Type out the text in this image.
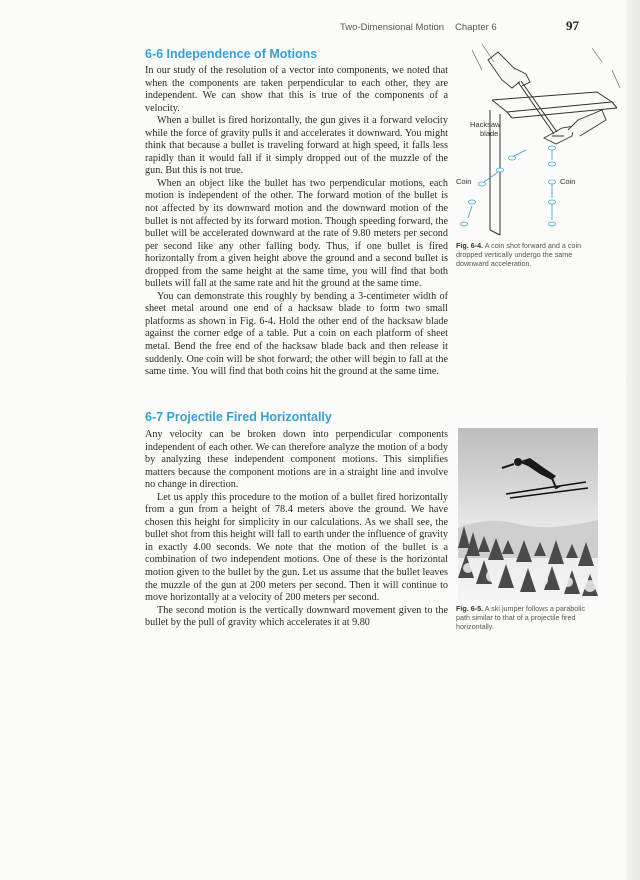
Two-Dimensional Motion Chapter 6	97
6-6 Independence of Motions

In our study of the resolution of a vector into components, we noted that when the components are taken perpendicular to each other, they are independent. We can show that this is true of the components of a velocity.

When a bullet is fired horizontally, the gun gives it a forward velocity while the force of gravity pulls it and accelerates it downward. You might think that because a bullet is traveling forward at high speed, it falls less rapidly than it would fall if it simply dropped out of the muzzle of the gun. But this is not true.

When an object like the bullet has two perpendicular motions, each motion is independent of the other. The forward motion of the bullet is not affected by its downward motion and the downward motion of the bullet is not affected by its forward motion. Though speeding forward, the bullet will be accelerated downward at the rate of 9.80 meters per second per second like any other falling body. Thus, if one bullet is fired horizontally from a given height above the ground and a second bullet is dropped from the same height at the same time, you will find that both bullets will fall at the same rate and hit the ground at the same time.

You can demonstrate this roughly by bending a 3-centimeter width of sheet metal around one end of a hacksaw blade to form two small platforms as shown in Fig. 6-4. Hold the other end of the hacksaw blade against the corner edge of a table. Put a coin on each platform of sheet metal. Bend the free end of the hacksaw blade back and then release it suddenly. One coin will be shot forward; the other will begin to fall at the same time. You will find that both coins hit the ground at the same time.

6-7 Projectile Fired Horizontally

Any velocity can be broken down into perpendicular components independent of each other. We can therefore analyze the motion of a body by analyzing these independent component motions. This simplifies matters because the component motions are in a straight line and involve no change in direction.

Let us apply this procedure to the motion of a bullet fired horizontally from a gun from a height of 78.4 meters above the ground. We have chosen this height for simplicity in our calculations. As we shall see, the bullet shot from this height will fall to earth under the influence of gravity in exactly 4.00 seconds. We note that the motion of the bullet is a combination of two independent motions. One of these is the horizontal motion given to the bullet by the gun. Let us assume that the bullet leaves the muzzle of the gun at 200 meters per second. Then it will continue to move horizontally at a velocity of 200 meters per second.

The second motion is the vertically downward movement given to the bullet by the pull of gravity which accelerates it at 9.80

Hacksaw
blade
Coin	Coin
Fig. 6-4. A coin shot forward and a coin dropped vertically undergo the same downward acceleration.
Fig. 6-5. A ski jumper follows a parabolic path similar to that of a projectile fired horizontally.
